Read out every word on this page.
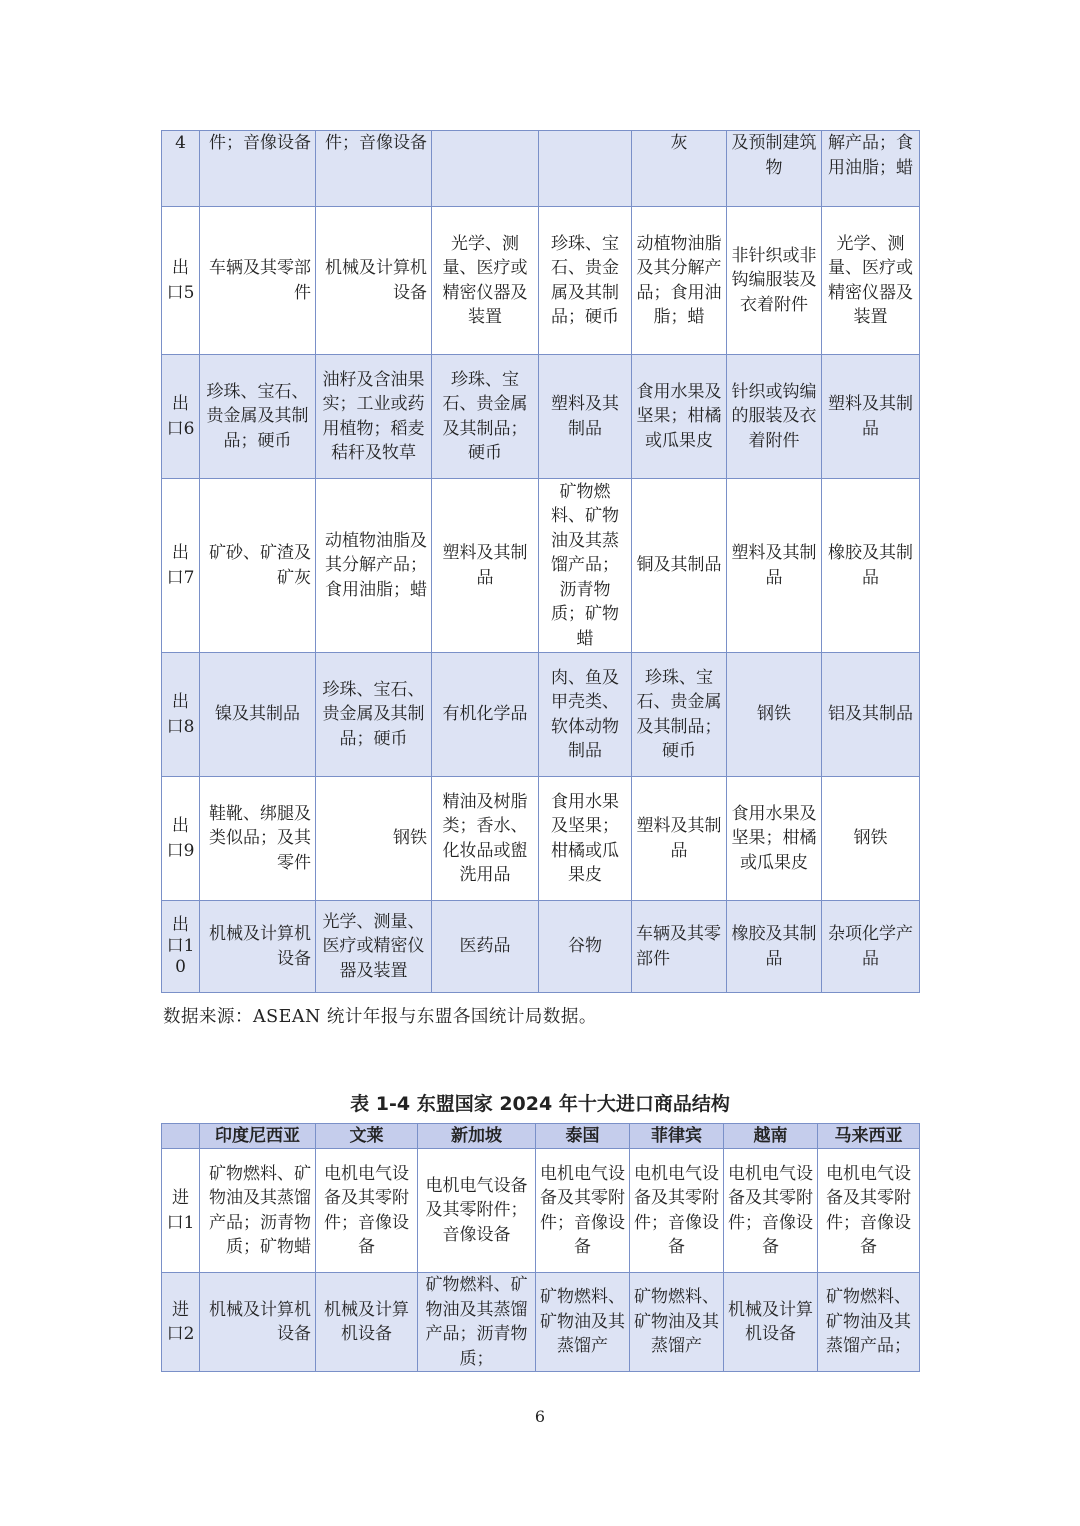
4	件；音像设备	件；音像设备			灰	及预制建筑物	解产品；食用油脂；蜡
出口5	车辆及其零部件	机械及计算机设备	光学、测量、医疗或精密仪器及装置	珍珠、宝石、贵金属及其制品；硬币	动植物油脂及其分解产品；食用油脂；蜡	非针织或非钩编服装及衣着附件	光学、测量、医疗或精密仪器及装置
出口6	珍珠、宝石、贵金属及其制品；硬币	油籽及含油果实；工业或药用植物；稻麦秸秆及牧草	珍珠、宝石、贵金属及其制品；硬币	塑料及其制品	食用水果及坚果；柑橘或瓜果皮	针织或钩编的服装及衣着附件	塑料及其制品
出口7	矿砂、矿渣及矿灰	动植物油脂及其分解产品；食用油脂；蜡	塑料及其制品	矿物燃料、矿物油及其蒸馏产品；沥青物质；矿物蜡	铜及其制品	塑料及其制品	橡胶及其制品
出口8	镍及其制品	珍珠、宝石、贵金属及其制品；硬币	有机化学品	肉、鱼及甲壳类、软体动物制品	珍珠、宝石、贵金属及其制品；硬币	钢铁	铝及其制品
出口9	鞋靴、绑腿及类似品；及其零件	钢铁	精油及树脂类；香水、化妆品或盥洗用品	食用水果及坚果；柑橘或瓜果皮	塑料及其制品	食用水果及坚果；柑橘或瓜果皮	钢铁
出口10	机械及计算机设备	光学、测量、医疗或精密仪器及装置	医药品	谷物	车辆及其零部件	橡胶及其制品	杂项化学产品
数据来源：ASEAN 统计年报与东盟各国统计局数据。
表 1-4 东盟国家 2024 年十大进口商品结构
	印度尼西亚	文莱	新加坡	泰国	菲律宾	越南	马来西亚
进口1	矿物燃料、矿物油及其蒸馏产品；沥青物质；矿物蜡	电机电气设备及其零附件；音像设备	电机电气设备及其零附件；音像设备	电机电气设备及其零附件；音像设备	电机电气设备及其零附件；音像设备	电机电气设备及其零附件；音像设备	电机电气设备及其零附件；音像设备
进口2	机械及计算机设备	机械及计算机设备	矿物燃料、矿物油及其蒸馏产品；沥青物质；	矿物燃料、矿物油及其蒸馏产	矿物燃料、矿物油及其蒸馏产	机械及计算机设备	矿物燃料、矿物油及其蒸馏产品；
6
